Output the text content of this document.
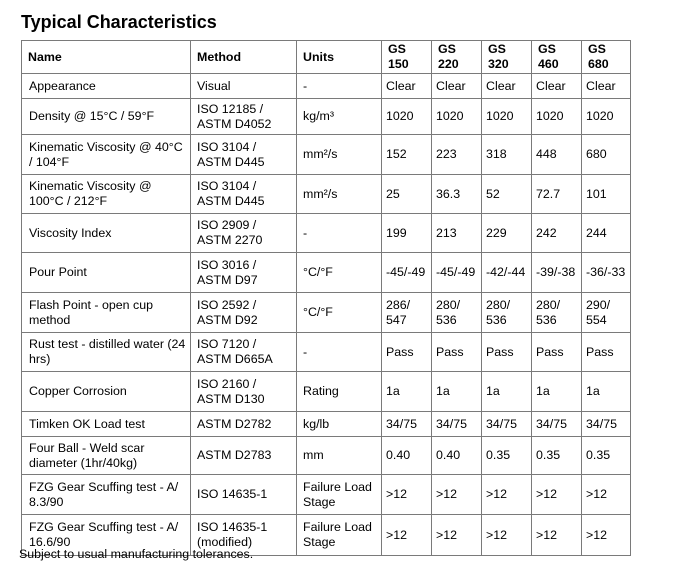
Typical Characteristics
Name	Method	Units	GS 150	GS 220	GS 320	GS 460	GS 680
Appearance	Visual	-	Clear	Clear	Clear	Clear	Clear
Density @ 15°C / 59°F	ISO 12185 / ASTM D4052	kg/m³	1020	1020	1020	1020	1020
Kinematic Viscosity @ 40°C / 104°F	ISO 3104 / ASTM D445	mm²/s	152	223	318	448	680
Kinematic Viscosity @ 100°C / 212°F	ISO 3104 / ASTM D445	mm²/s	25	36.3	52	72.7	101
Viscosity Index	ISO 2909 / ASTM 2270	-	199	213	229	242	244
Pour Point	ISO 3016 / ASTM D97	°C/°F	-45/-49	-45/-49	-42/-44	-39/-38	-36/-33
Flash Point - open cup method	ISO 2592 / ASTM D92	°C/°F	286/ 547	280/ 536	280/ 536	280/ 536	290/ 554
Rust test - distilled water (24 hrs)	ISO 7120 / ASTM D665A	-	Pass	Pass	Pass	Pass	Pass
Copper Corrosion	ISO 2160 / ASTM D130	Rating	1a	1a	1a	1a	1a
Timken OK Load test	ASTM D2782	kg/lb	34/75	34/75	34/75	34/75	34/75
Four Ball - Weld scar diameter (1hr/40kg)	ASTM D2783	mm	0.40	0.40	0.35	0.35	0.35
FZG Gear Scuffing test - A/ 8.3/90	ISO 14635-1	Failure Load Stage	>12	>12	>12	>12	>12
FZG Gear Scuffing test - A/ 16.6/90	ISO 14635-1 (modified)	Failure Load Stage	>12	>12	>12	>12	>12

Subject to usual manufacturing tolerances.
